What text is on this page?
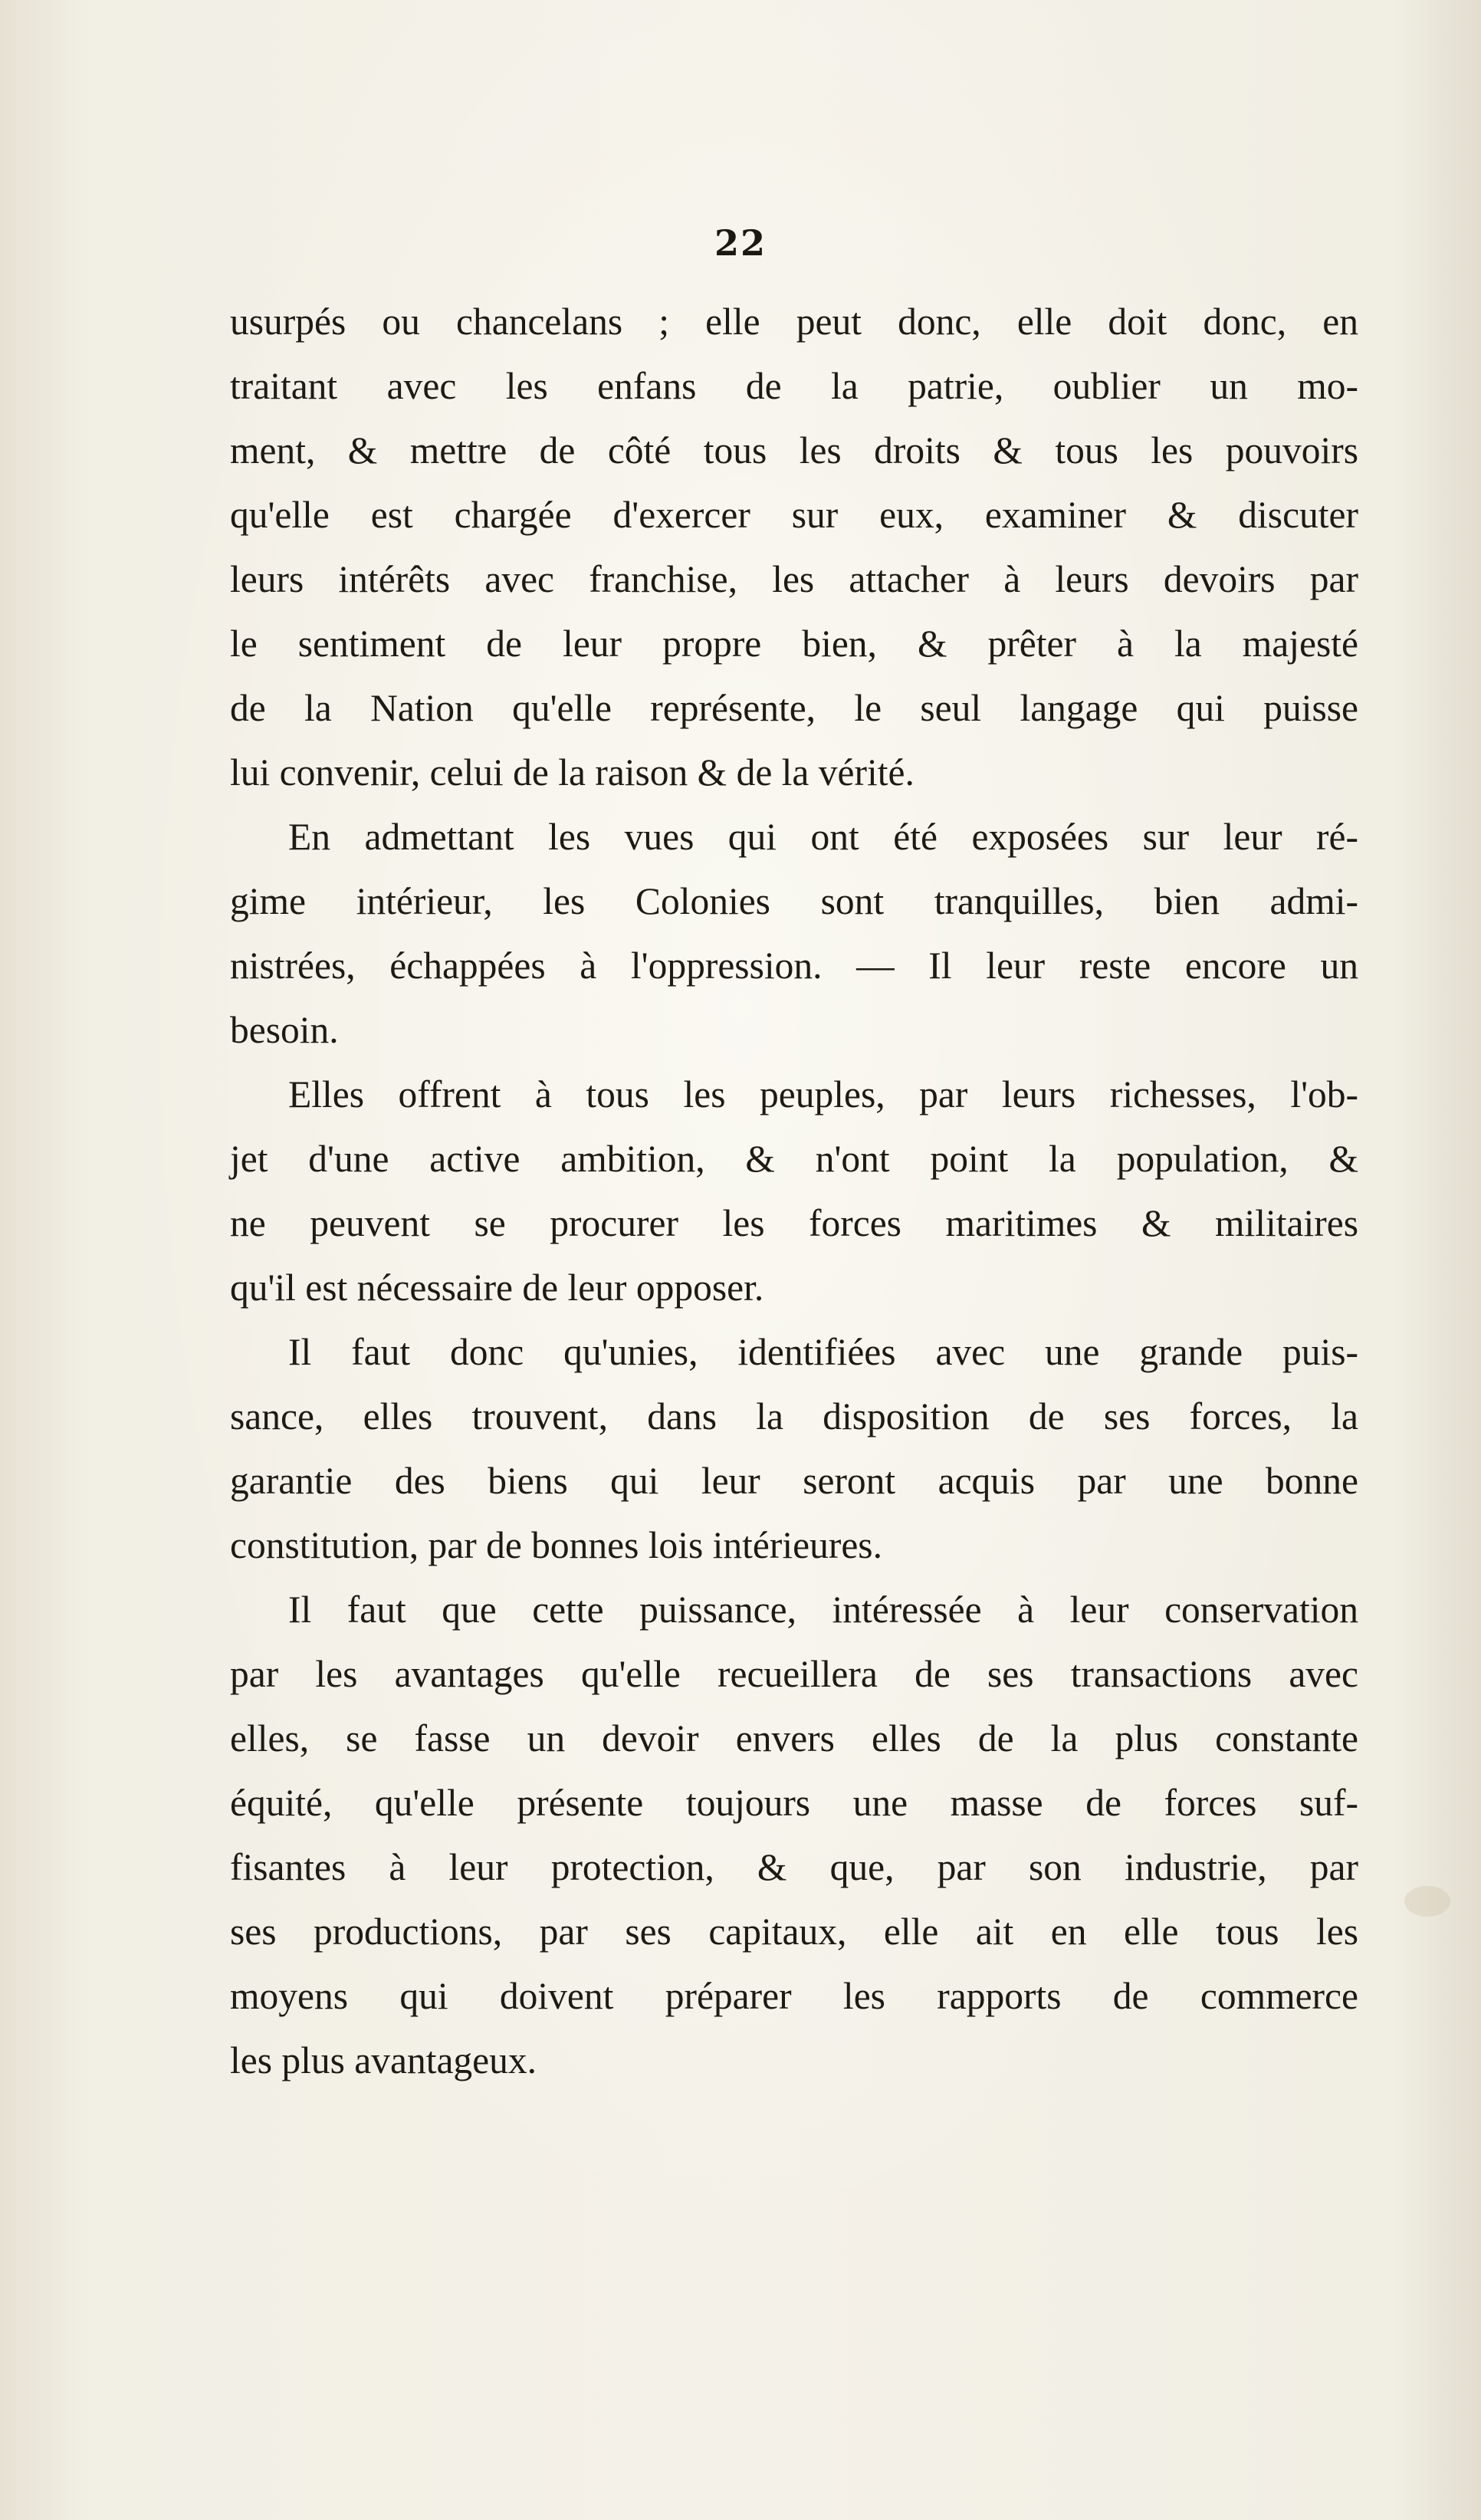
22
usurpés ou chancelans ; elle peut donc, elle doit donc, en
traitant avec les enfans de la patrie, oublier un mo-
ment, & mettre de côté tous les droits & tous les pouvoirs
qu'elle est chargée d'exercer sur eux, examiner & discuter
leurs intérêts avec franchise, les attacher à leurs devoirs par
le sentiment de leur propre bien, & prêter à la majesté
de la Nation qu'elle représente, le seul langage qui puisse
lui convenir, celui de la raison & de la vérité.
En admettant les vues qui ont été exposées sur leur ré-
gime intérieur, les Colonies sont tranquilles, bien admi-
nistrées, échappées à l'oppression. — Il leur reste encore un
besoin.
Elles offrent à tous les peuples, par leurs richesses, l'ob-
jet d'une active ambition, & n'ont point la population, &
ne peuvent se procurer les forces maritimes & militaires
qu'il est nécessaire de leur opposer.
Il faut donc qu'unies, identifiées avec une grande puis-
sance, elles trouvent, dans la disposition de ses forces, la
garantie des biens qui leur seront acquis par une bonne
constitution, par de bonnes lois intérieures.
Il faut que cette puissance, intéressée à leur conservation
par les avantages qu'elle recueillera de ses transactions avec
elles, se fasse un devoir envers elles de la plus constante
équité, qu'elle présente toujours une masse de forces suf-
fisantes à leur protection, & que, par son industrie, par
ses productions, par ses capitaux, elle ait en elle tous les
moyens qui doivent préparer les rapports de commerce
les plus avantageux.
